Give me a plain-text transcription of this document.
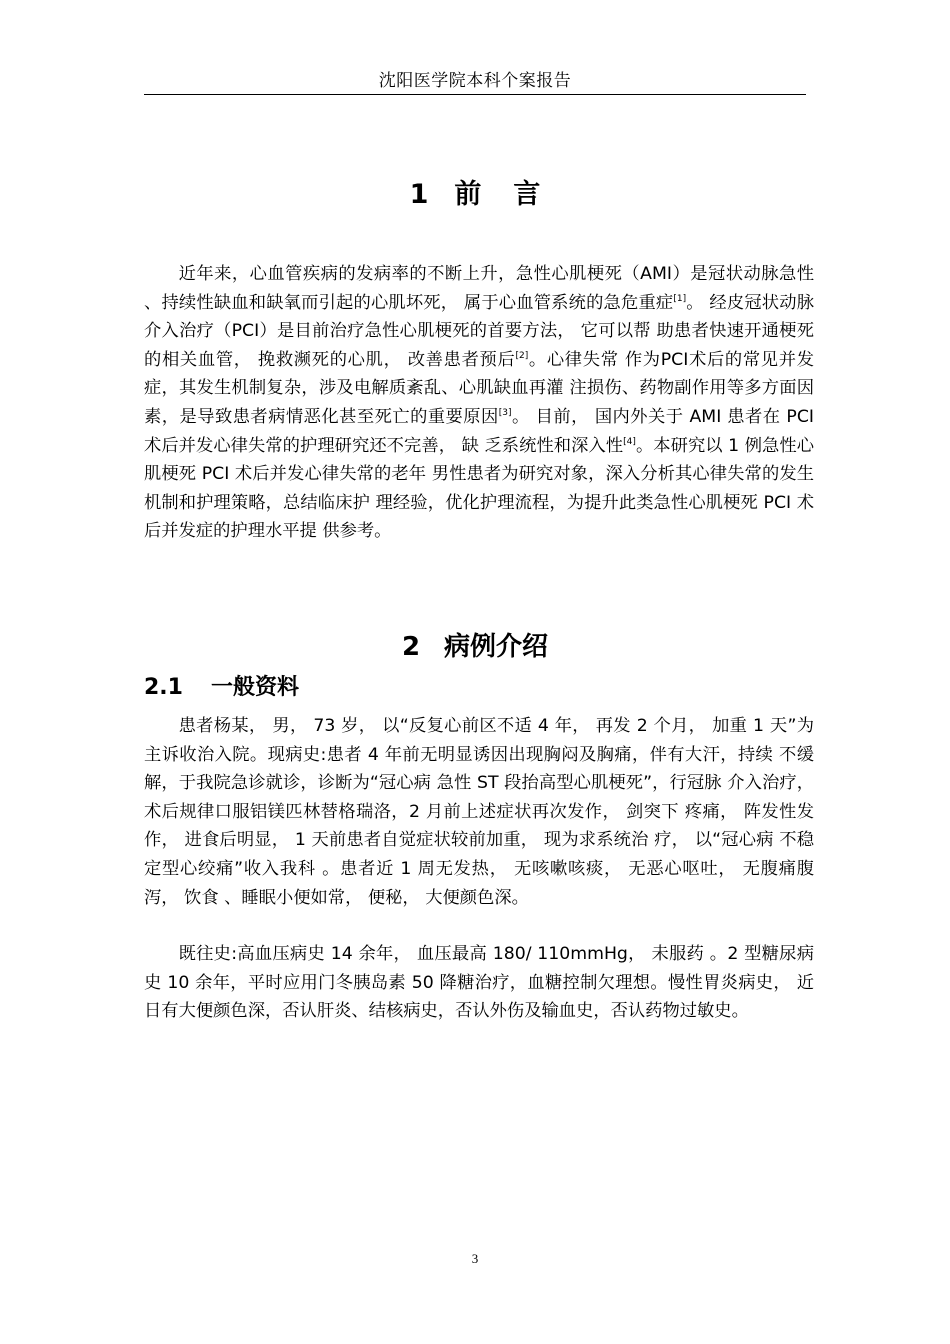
沈阳医学院本科个案报告
1 前 言

近年来，心血管疾病的发病率的不断上升，急性心肌梗死（AMI）是冠状动脉急性 、持续性缺血和缺氧而引起的心肌坏死， 属于心血管系统的急危重症[1]。 经皮冠状动脉介入治疗（PCI）是目前治疗急性心肌梗死的首要方法， 它可以帮 助患者快速开通梗死的相关血管， 挽救濒死的心肌， 改善患者预后[2]。心律失常 作为PCI术后的常见并发症，其发生机制复杂，涉及电解质紊乱、心肌缺血再灌 注损伤、药物副作用等多方面因素，是导致患者病情恶化甚至死亡的重要原因[3]。 目前， 国内外关于 AMI 患者在 PCI 术后并发心律失常的护理研究还不完善， 缺 乏系统性和深入性[4]。本研究以 1 例急性心肌梗死 PCI 术后并发心律失常的老年 男性患者为研究对象，深入分析其心律失常的发生机制和护理策略，总结临床护 理经验，优化护理流程，为提升此类急性心肌梗死 PCI 术后并发症的护理水平提 供参考。

2 病例介绍
2.1 一般资料

患者杨某， 男， 73 岁， 以“反复心前区不适 4 年， 再发 2 个月， 加重 1 天”为 主诉收治入院。现病史:患者 4 年前无明显诱因出现胸闷及胸痛，伴有大汗，持续 不缓解，于我院急诊就诊，诊断为“冠心病 急性 ST 段抬高型心肌梗死”，行冠脉 介入治疗， 术后规律口服铝镁匹林替格瑞洛，2 月前上述症状再次发作， 剑突下 疼痛， 阵发性发作， 进食后明显， 1 天前患者自觉症状较前加重， 现为求系统治 疗， 以“冠心病 不稳定型心绞痛”收入我科 。患者近 1 周无发热， 无咳嗽咳痰， 无恶心呕吐， 无腹痛腹泻， 饮食 、睡眠小便如常， 便秘， 大便颜色深。

既往史:高血压病史 14 余年， 血压最高 180/ 110mmHg， 未服药 。2 型糖尿病 史 10 余年，平时应用门冬胰岛素 50 降糖治疗，血糖控制欠理想。慢性胃炎病史， 近日有大便颜色深，否认肝炎、结核病史，否认外伤及输血史，否认药物过敏史。

3
